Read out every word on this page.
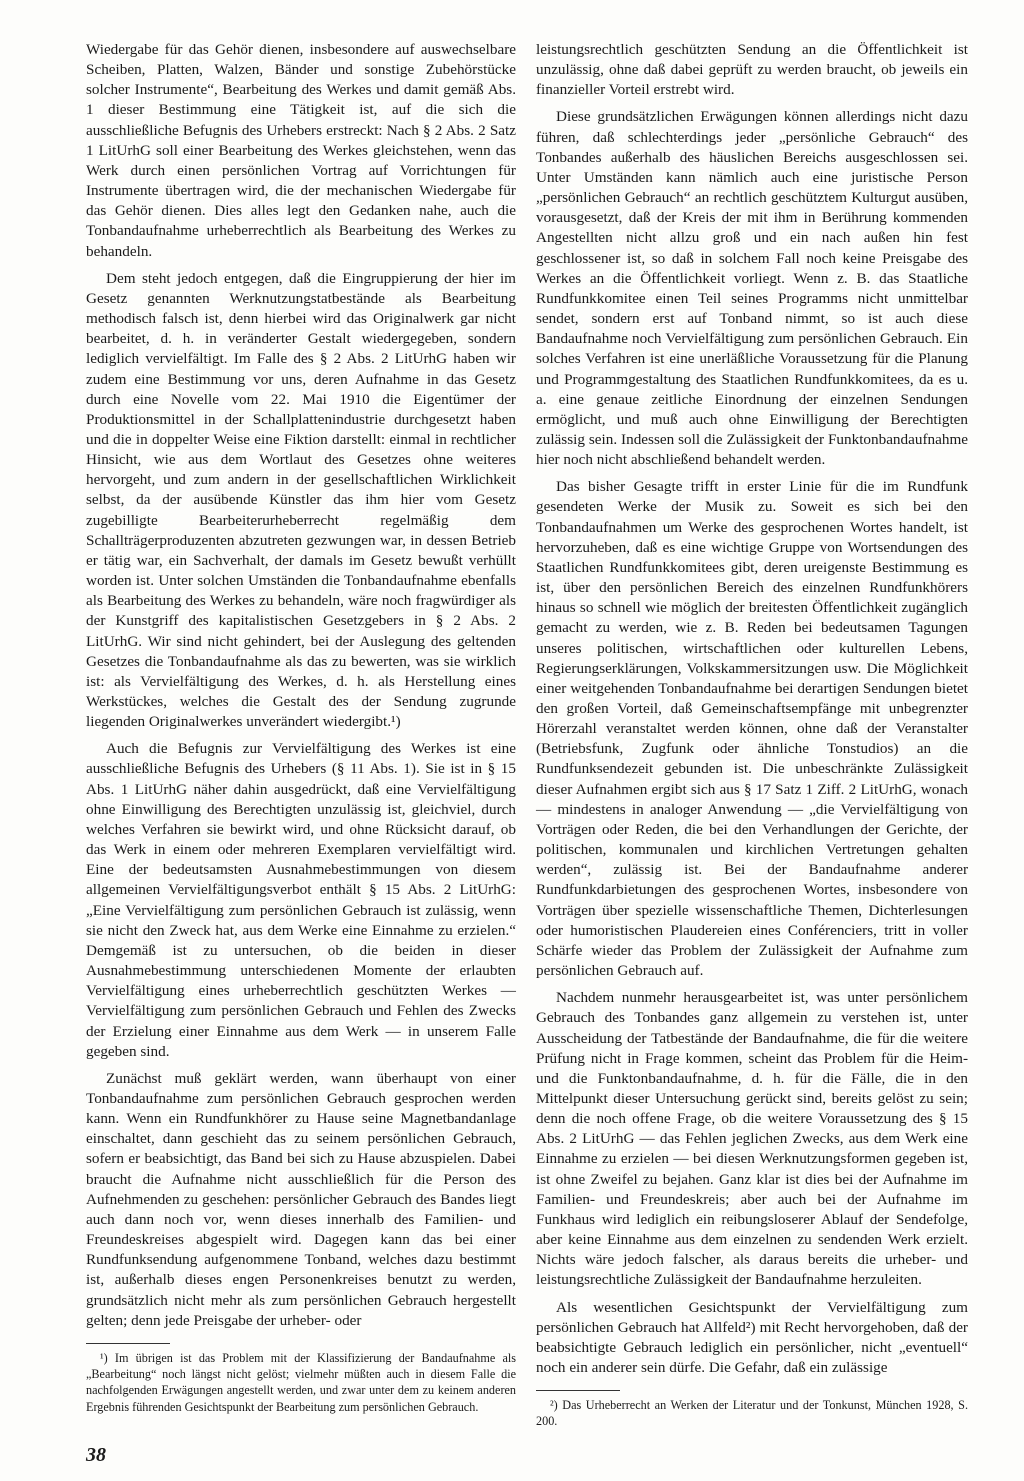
Wiedergabe für das Gehör dienen, insbesondere auf auswechselbare Scheiben, Platten, Walzen, Bänder und sonstige Zubehörstücke solcher Instrumente“, Bearbeitung des Werkes und damit gemäß Abs. 1 dieser Bestimmung eine Tätigkeit ist, auf die sich die ausschließliche Befugnis des Urhebers erstreckt: Nach § 2 Abs. 2 Satz 1 LitUrhG soll einer Bearbeitung des Werkes gleichstehen, wenn das Werk durch einen persönlichen Vortrag auf Vorrichtungen für Instrumente übertragen wird, die der mechanischen Wiedergabe für das Gehör dienen. Dies alles legt den Gedanken nahe, auch die Tonbandaufnahme urheberrechtlich als Bearbeitung des Werkes zu behandeln.

Dem steht jedoch entgegen, daß die Eingruppierung der hier im Gesetz genannten Werknutzungstatbestände als Bearbeitung methodisch falsch ist, denn hierbei wird das Originalwerk gar nicht bearbeitet, d. h. in veränderter Gestalt wiedergegeben, sondern lediglich vervielfältigt. Im Falle des § 2 Abs. 2 LitUrhG haben wir zudem eine Bestimmung vor uns, deren Aufnahme in das Gesetz durch eine Novelle vom 22. Mai 1910 die Eigentümer der Produktionsmittel in der Schallplattenindustrie durchgesetzt haben und die in doppelter Weise eine Fiktion darstellt: einmal in rechtlicher Hinsicht, wie aus dem Wortlaut des Gesetzes ohne weiteres hervorgeht, und zum andern in der gesellschaftlichen Wirklichkeit selbst, da der ausübende Künstler das ihm hier vom Gesetz zugebilligte Bearbeiterurheberrecht regelmäßig dem Schallträgerproduzenten abzutreten gezwungen war, in dessen Betrieb er tätig war, ein Sachverhalt, der damals im Gesetz bewußt verhüllt worden ist. Unter solchen Umständen die Tonbandaufnahme ebenfalls als Bearbeitung des Werkes zu behandeln, wäre noch fragwürdiger als der Kunstgriff des kapitalistischen Gesetzgebers in § 2 Abs. 2 LitUrhG. Wir sind nicht gehindert, bei der Auslegung des geltenden Gesetzes die Tonbandaufnahme als das zu bewerten, was sie wirklich ist: als Vervielfältigung des Werkes, d. h. als Herstellung eines Werkstückes, welches die Gestalt des der Sendung zugrunde liegenden Originalwerkes unverändert wiedergibt.¹)

Auch die Befugnis zur Vervielfältigung des Werkes ist eine ausschließliche Befugnis des Urhebers (§ 11 Abs. 1). Sie ist in § 15 Abs. 1 LitUrhG näher dahin ausgedrückt, daß eine Vervielfältigung ohne Einwilligung des Berechtigten unzulässig ist, gleichviel, durch welches Verfahren sie bewirkt wird, und ohne Rücksicht darauf, ob das Werk in einem oder mehreren Exemplaren vervielfältigt wird. Eine der bedeutsamsten Ausnahmebestimmungen von diesem allgemeinen Vervielfältigungsverbot enthält § 15 Abs. 2 LitUrhG: „Eine Vervielfältigung zum persönlichen Gebrauch ist zulässig, wenn sie nicht den Zweck hat, aus dem Werke eine Einnahme zu erzielen.“ Demgemäß ist zu untersuchen, ob die beiden in dieser Ausnahmebestimmung unterschiedenen Momente der erlaubten Vervielfältigung eines urheberrechtlich geschützten Werkes — Vervielfältigung zum persönlichen Gebrauch und Fehlen des Zwecks der Erzielung einer Einnahme aus dem Werk — in unserem Falle gegeben sind.

Zunächst muß geklärt werden, wann überhaupt von einer Tonbandaufnahme zum persönlichen Gebrauch gesprochen werden kann. Wenn ein Rundfunkhörer zu Hause seine Magnetbandanlage einschaltet, dann geschieht das zu seinem persönlichen Gebrauch, sofern er beabsichtigt, das Band bei sich zu Hause abzuspielen. Dabei braucht die Aufnahme nicht ausschließlich für die Person des Aufnehmenden zu geschehen: persönlicher Gebrauch des Bandes liegt auch dann noch vor, wenn dieses innerhalb des Familien- und Freundeskreises abgespielt wird. Dagegen kann das bei einer Rundfunksendung aufgenommene Tonband, welches dazu bestimmt ist, außerhalb dieses engen Personenkreises benutzt zu werden, grundsätzlich nicht mehr als zum persönlichen Gebrauch hergestellt gelten; denn jede Preisgabe der urheber- oder

¹) Im übrigen ist das Problem mit der Klassifizierung der Bandaufnahme als „Bearbeitung“ noch längst nicht gelöst; vielmehr müßten auch in diesem Falle die nachfolgenden Erwägungen angestellt werden, und zwar unter dem zu keinem anderen Ergebnis führenden Gesichtspunkt der Bearbeitung zum persönlichen Gebrauch.

leistungsrechtlich geschützten Sendung an die Öffentlichkeit ist unzulässig, ohne daß dabei geprüft zu werden braucht, ob jeweils ein finanzieller Vorteil erstrebt wird.

Diese grundsätzlichen Erwägungen können allerdings nicht dazu führen, daß schlechterdings jeder „persönliche Gebrauch“ des Tonbandes außerhalb des häuslichen Bereichs ausgeschlossen sei. Unter Umständen kann nämlich auch eine juristische Person „persönlichen Gebrauch“ an rechtlich geschütztem Kulturgut ausüben, vorausgesetzt, daß der Kreis der mit ihm in Berührung kommenden Angestellten nicht allzu groß und ein nach außen hin fest geschlossener ist, so daß in solchem Fall noch keine Preisgabe des Werkes an die Öffentlichkeit vorliegt. Wenn z. B. das Staatliche Rundfunkkomitee einen Teil seines Programms nicht unmittelbar sendet, sondern erst auf Tonband nimmt, so ist auch diese Bandaufnahme noch Vervielfältigung zum persönlichen Gebrauch. Ein solches Verfahren ist eine unerläßliche Voraussetzung für die Planung und Programmgestaltung des Staatlichen Rundfunkkomitees, da es u. a. eine genaue zeitliche Einordnung der einzelnen Sendungen ermöglicht, und muß auch ohne Einwilligung der Berechtigten zulässig sein. Indessen soll die Zulässigkeit der Funktonbandaufnahme hier noch nicht abschließend behandelt werden.

Das bisher Gesagte trifft in erster Linie für die im Rundfunk gesendeten Werke der Musik zu. Soweit es sich bei den Tonbandaufnahmen um Werke des gesprochenen Wortes handelt, ist hervorzuheben, daß es eine wichtige Gruppe von Wortsendungen des Staatlichen Rundfunkkomitees gibt, deren ureigenste Bestimmung es ist, über den persönlichen Bereich des einzelnen Rundfunkhörers hinaus so schnell wie möglich der breitesten Öffentlichkeit zugänglich gemacht zu werden, wie z. B. Reden bei bedeutsamen Tagungen unseres politischen, wirtschaftlichen oder kulturellen Lebens, Regierungserklärungen, Volkskammersitzungen usw. Die Möglichkeit einer weitgehenden Tonbandaufnahme bei derartigen Sendungen bietet den großen Vorteil, daß Gemeinschaftsempfänge mit unbegrenzter Hörerzahl veranstaltet werden können, ohne daß der Veranstalter (Betriebsfunk, Zugfunk oder ähnliche Tonstudios) an die Rundfunksendezeit gebunden ist. Die unbeschränkte Zulässigkeit dieser Aufnahmen ergibt sich aus § 17 Satz 1 Ziff. 2 LitUrhG, wonach — mindestens in analoger Anwendung — „die Vervielfältigung von Vorträgen oder Reden, die bei den Verhandlungen der Gerichte, der politischen, kommunalen und kirchlichen Vertretungen gehalten werden“, zulässig ist. Bei der Bandaufnahme anderer Rundfunkdarbietungen des gesprochenen Wortes, insbesondere von Vorträgen über spezielle wissenschaftliche Themen, Dichterlesungen oder humoristischen Plaudereien eines Conférenciers, tritt in voller Schärfe wieder das Problem der Zulässigkeit der Aufnahme zum persönlichen Gebrauch auf.

Nachdem nunmehr herausgearbeitet ist, was unter persönlichem Gebrauch des Tonbandes ganz allgemein zu verstehen ist, unter Ausscheidung der Tatbestände der Bandaufnahme, die für die weitere Prüfung nicht in Frage kommen, scheint das Problem für die Heim- und die Funktonbandaufnahme, d. h. für die Fälle, die in den Mittelpunkt dieser Untersuchung gerückt sind, bereits gelöst zu sein; denn die noch offene Frage, ob die weitere Voraussetzung des § 15 Abs. 2 LitUrhG — das Fehlen jeglichen Zwecks, aus dem Werk eine Einnahme zu erzielen — bei diesen Werknutzungsformen gegeben ist, ist ohne Zweifel zu bejahen. Ganz klar ist dies bei der Aufnahme im Familien- und Freundeskreis; aber auch bei der Aufnahme im Funkhaus wird lediglich ein reibungsloserer Ablauf der Sendefolge, aber keine Einnahme aus dem einzelnen zu sendenden Werk erzielt. Nichts wäre jedoch falscher, als daraus bereits die urheber- und leistungsrechtliche Zulässigkeit der Bandaufnahme herzuleiten.

Als wesentlichen Gesichtspunkt der Vervielfältigung zum persönlichen Gebrauch hat Allfeld²) mit Recht hervorgehoben, daß der beabsichtigte Gebrauch lediglich ein persönlicher, nicht „eventuell“ noch ein anderer sein dürfe. Die Gefahr, daß ein zulässige

²) Das Urheberrecht an Werken der Literatur und der Tonkunst, München 1928, S. 200.

38
